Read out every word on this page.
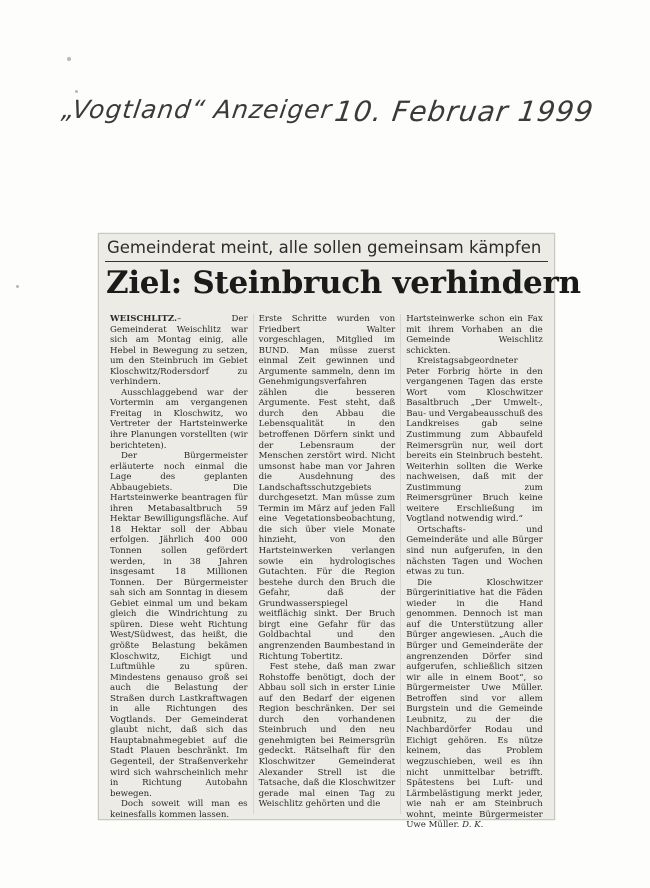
„Vogtland“ Anzeiger
10. Februar 1999
Gemeinderat meint, alle sollen gemeinsam kämpfen
Ziel: Steinbruch verhindern

WEISCHLITZ.– Der Gemeinderat Weischlitz war sich am Montag einig, alle Hebel in Bewegung zu setzen, um den Steinbruch im Gebiet Kloschwitz/Rodersdorf zu verhindern.

Ausschlaggebend war der Vortermin am vergangenen Freitag in Kloschwitz, wo Vertreter der Hartsteinwerke ihre Planungen vorstellten (wir berichteten).

Der Bürgermeister erläuterte noch einmal die Lage des geplanten Abbaugebiets. Die Hartsteinwerke beantragen für ihren Metabasaltbruch 59 Hektar Bewilligungsfläche. Auf 18 Hektar soll der Abbau erfolgen. Jährlich 400 000 Tonnen sollen gefördert werden, in 38 Jahren insgesamt 18 Millionen Tonnen. Der Bürgermeister sah sich am Sonntag in diesem Gebiet einmal um und bekam gleich die Windrichtung zu spüren. Diese weht Richtung West/Südwest, das heißt, die größte Belastung bekämen Kloschwitz, Eichigt und Luftmühle zu spüren. Mindestens genauso groß sei auch die Belastung der Straßen durch Lastkraftwagen in alle Richtungen des Vogtlands. Der Gemeinderat glaubt nicht, daß sich das Hauptabnahmegebiet auf die Stadt Plauen beschränkt. Im Gegenteil, der Straßenverkehr wird sich wahrscheinlich mehr in Richtung Autobahn bewegen.

Doch soweit will man es keinesfalls kommen lassen.

Erste Schritte wurden von Friedbert Walter vorgeschlagen, Mitglied im BUND. Man müsse zuerst einmal Zeit gewinnen und Argumente sammeln, denn im Genehmigungsverfahren zählen die besseren Argumente. Fest steht, daß durch den Abbau die Lebensqualität in den betroffenen Dörfern sinkt und der Lebensraum der Menschen zerstört wird. Nicht umsonst habe man vor Jahren die Ausdehnung des Landschaftsschutzgebiets durchgesetzt. Man müsse zum Termin im März auf jeden Fall eine Vegetationsbeobachtung, die sich über viele Monate hinzieht, von den Hartsteinwerken verlangen sowie ein hydrologisches Gutachten. Für die Region bestehe durch den Bruch die Gefahr, daß der Grundwasserspiegel weitflächig sinkt. Der Bruch birgt eine Gefahr für das Goldbachtal und den angrenzenden Baumbestand in Richtung Tobertitz.

Fest stehe, daß man zwar Rohstoffe benötigt, doch der Abbau soll sich in erster Linie auf den Bedarf der eigenen Region beschränken. Der sei durch den vorhandenen Steinbruch und den neu genehmigten bei Reimersgrün gedeckt. Rätselhaft für den Kloschwitzer Gemeinderat Alexander Strell ist die Tatsache, daß die Kloschwitzer gerade mal einen Tag zu Weischlitz gehörten und die

Hartsteinwerke schon ein Fax mit ihrem Vorhaben an die Gemeinde Weischlitz schickten.

Kreistagsabgeordneter Peter Forbrig hörte in den vergangenen Tagen das erste Wort vom Kloschwitzer Basaltbruch „Der Umwelt-, Bau- und Vergabeausschuß des Landkreises gab seine Zustimmung zum Abbaufeld Reimersgrün nur, weil dort bereits ein Steinbruch besteht. Weiterhin sollten die Werke nachweisen, daß mit der Zustimmung zum Reimersgrüner Bruch keine weitere Erschließung im Vogtland notwendig wird.“

Ortschafts- und Gemeinderäte und alle Bürger sind nun aufgerufen, in den nächsten Tagen und Wochen etwas zu tun.

Die Kloschwitzer Bürgerinitiative hat die Fäden wieder in die Hand genommen. Dennoch ist man auf die Unterstützung aller Bürger angewiesen. „Auch die Bürger und Gemeinderäte der angrenzenden Dörfer sind aufgerufen, schließlich sitzen wir alle in einem Boot“, so Bürgermeister Uwe Müller. Betroffen sind vor allem Burgstein und die Gemeinde Leubnitz, zu der die Nachbardörfer Rodau und Eichigt gehören. Es nütze keinem, das Problem wegzuschieben, weil es ihn nicht unmittelbar betrifft. Spätestens bei Luft- und Lärmbelästigung merkt jeder, wie nah er am Steinbruch wohnt, meinte Bürgermeister Uwe Müller. D. K.
